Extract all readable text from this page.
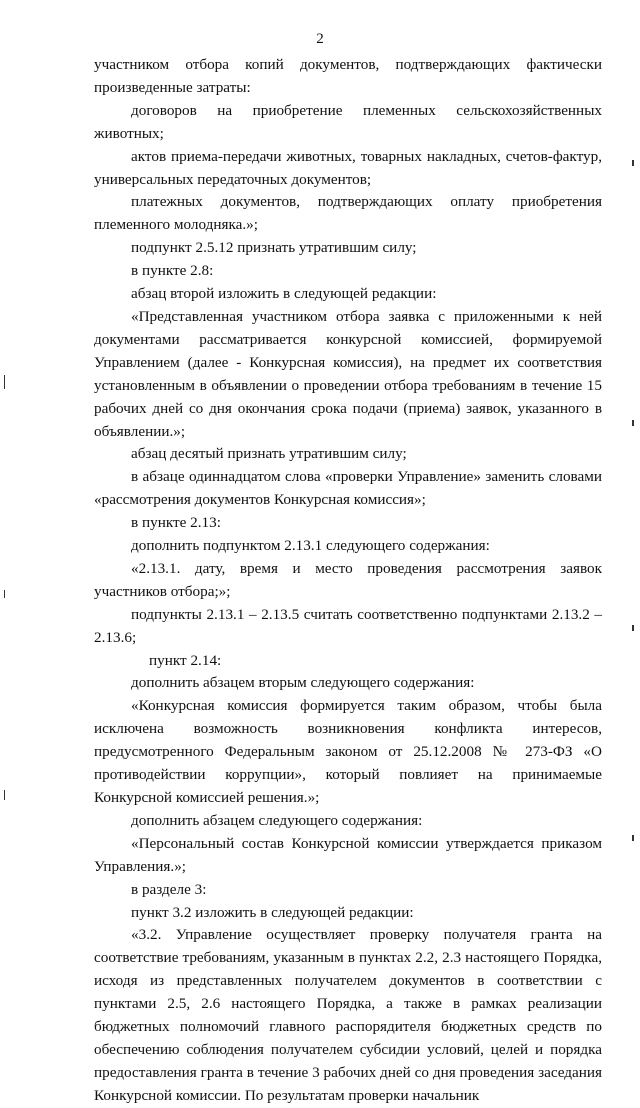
2

участником отбора копий документов, подтверждающих фактически произведенные затраты:

договоров на приобретение племенных сельскохозяйственных животных;

актов приема-передачи животных, товарных накладных, счетов-фактур, универсальных передаточных документов;

платежных документов, подтверждающих оплату приобретения племенного молодняка.»;

подпункт 2.5.12 признать утратившим силу;

в пункте 2.8:

абзац второй изложить в следующей редакции:

«Представленная участником отбора заявка с приложенными к ней документами рассматривается конкурсной комиссией, формируемой Управлением (далее - Конкурсная комиссия), на предмет их соответствия установленным в объявлении о проведении отбора требованиям в течение 15 рабочих дней со дня окончания срока подачи (приема) заявок, указанного в объявлении.»;

абзац десятый признать утратившим силу;

в абзаце одиннадцатом слова «проверки Управление» заменить словами «рассмотрения документов Конкурсная комиссия»;

в пункте 2.13:

дополнить подпунктом 2.13.1 следующего содержания:

«2.13.1. дату, время и место проведения рассмотрения заявок участников отбора;»;

подпункты 2.13.1 – 2.13.5 считать соответственно подпунктами 2.13.2 – 2.13.6;

пункт 2.14:

дополнить абзацем вторым следующего содержания:

«Конкурсная комиссия формируется таким образом, чтобы была исключена возможность возникновения конфликта интересов, предусмотренного Федеральным законом от 25.12.2008 № 273-ФЗ «О противодействии коррупции», который повлияет на принимаемые Конкурсной комиссией решения.»;

дополнить абзацем следующего содержания:

«Персональный состав Конкурсной комиссии утверждается приказом Управления.»;

в разделе 3:

пункт 3.2 изложить в следующей редакции:

«3.2. Управление осуществляет проверку получателя гранта на соответствие требованиям, указанным в пунктах 2.2, 2.3 настоящего Порядка, исходя из представленных получателем документов в соответствии с пунктами 2.5, 2.6 настоящего Порядка, а также в рамках реализации бюджетных полномочий главного распорядителя бюджетных средств по обеспечению соблюдения получателем субсидии условий, целей и порядка предоставления гранта в течение 3 рабочих дней со дня проведения заседания Конкурсной комиссии. По результатам проверки начальник
